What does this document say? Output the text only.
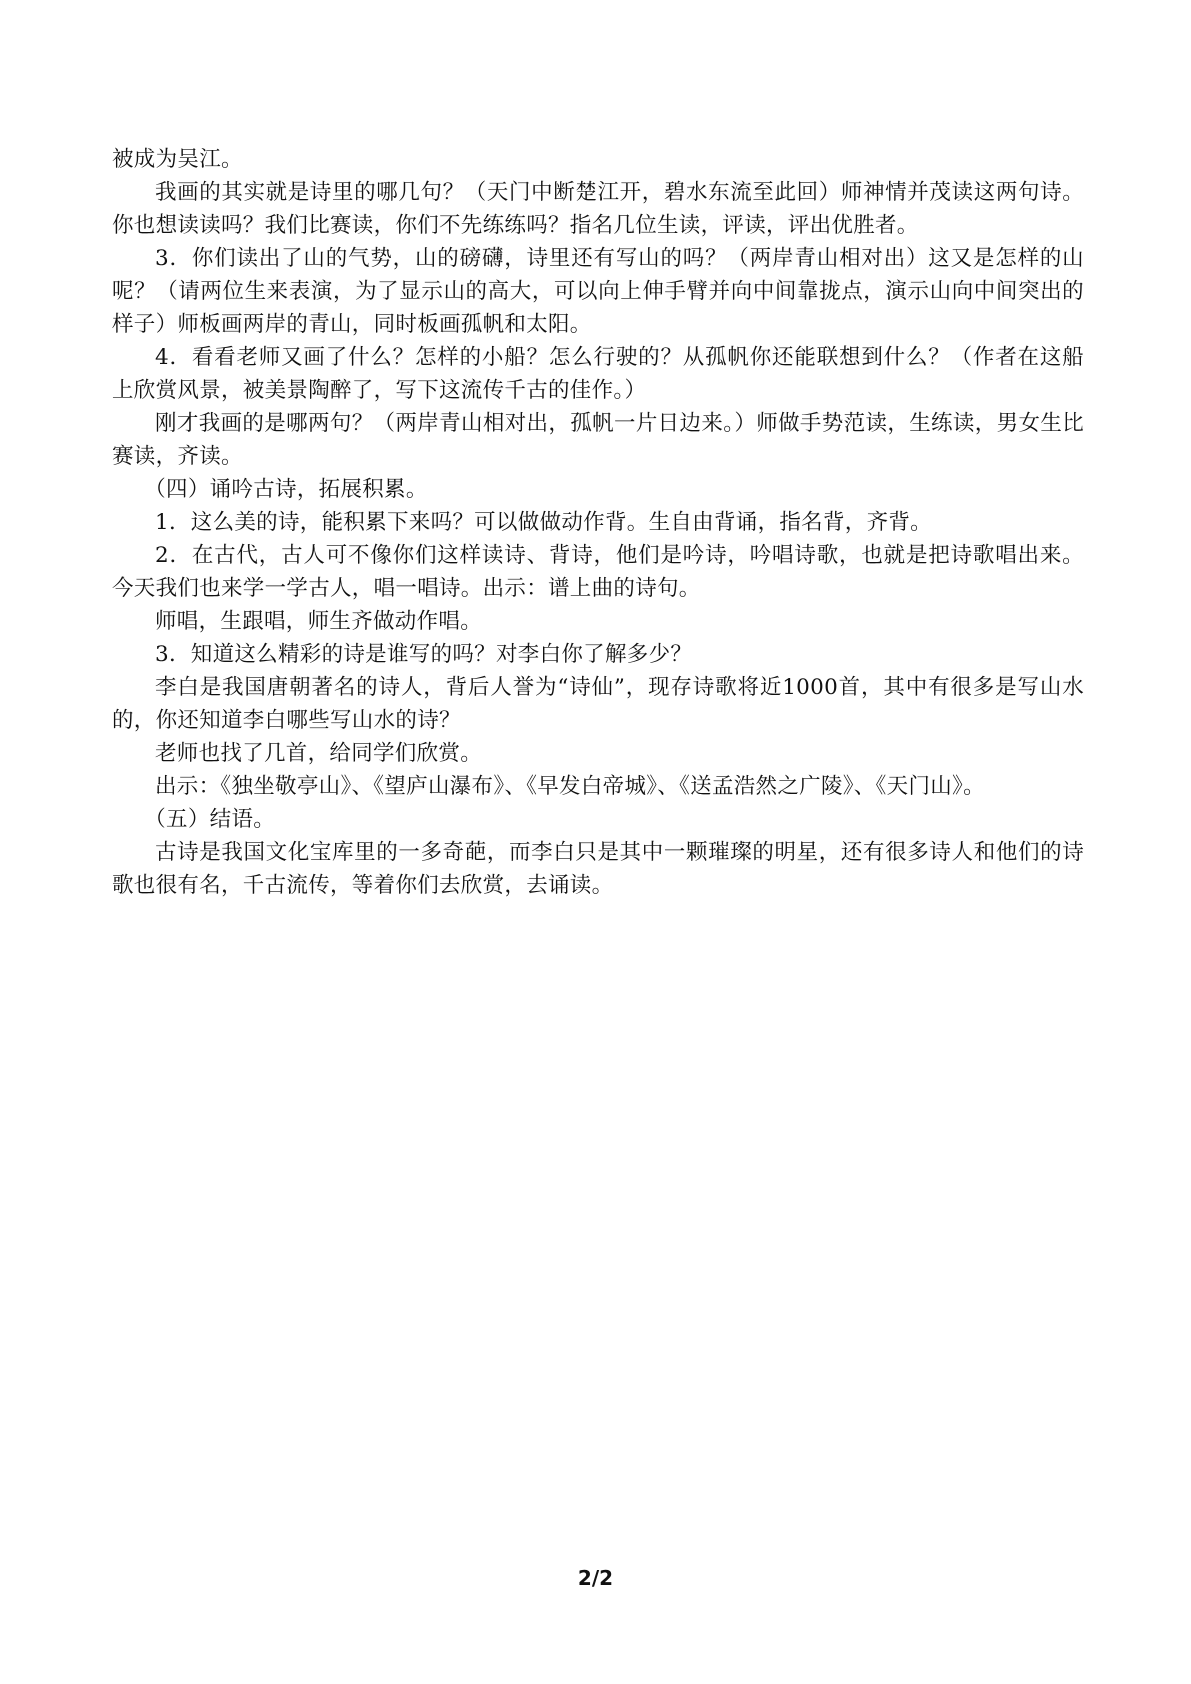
被成为吴江。

我画的其实就是诗里的哪几句？（天门中断楚江开，碧水东流至此回）师神情并茂读这两句诗。你也想读读吗？我们比赛读，你们不先练练吗？指名几位生读，评读，评出优胜者。

3．你们读出了山的气势，山的磅礴，诗里还有写山的吗？（两岸青山相对出）这又是怎样的山呢？（请两位生来表演，为了显示山的高大，可以向上伸手臂并向中间靠拢点，演示山向中间突出的样子）师板画两岸的青山，同时板画孤帆和太阳。

4．看看老师又画了什么？怎样的小船？怎么行驶的？从孤帆你还能联想到什么？（作者在这船上欣赏风景，被美景陶醉了，写下这流传千古的佳作。）

刚才我画的是哪两句？（两岸青山相对出，孤帆一片日边来。）师做手势范读，生练读，男女生比赛读，齐读。

（四）诵吟古诗，拓展积累。

1．这么美的诗，能积累下来吗？可以做做动作背。生自由背诵，指名背，齐背。

2．在古代，古人可不像你们这样读诗、背诗，他们是吟诗，吟唱诗歌，也就是把诗歌唱出来。今天我们也来学一学古人，唱一唱诗。出示：谱上曲的诗句。

师唱，生跟唱，师生齐做动作唱。

3．知道这么精彩的诗是谁写的吗？对李白你了解多少？

李白是我国唐朝著名的诗人，背后人誉为“诗仙”，现存诗歌将近1000首，其中有很多是写山水的，你还知道李白哪些写山水的诗？

老师也找了几首，给同学们欣赏。

出示：《独坐敬亭山》、《望庐山瀑布》、《早发白帝城》、《送孟浩然之广陵》、《天门山》。

（五）结语。

古诗是我国文化宝库里的一多奇葩，而李白只是其中一颗璀璨的明星，还有很多诗人和他们的诗歌也很有名，千古流传，等着你们去欣赏，去诵读。

2/2
